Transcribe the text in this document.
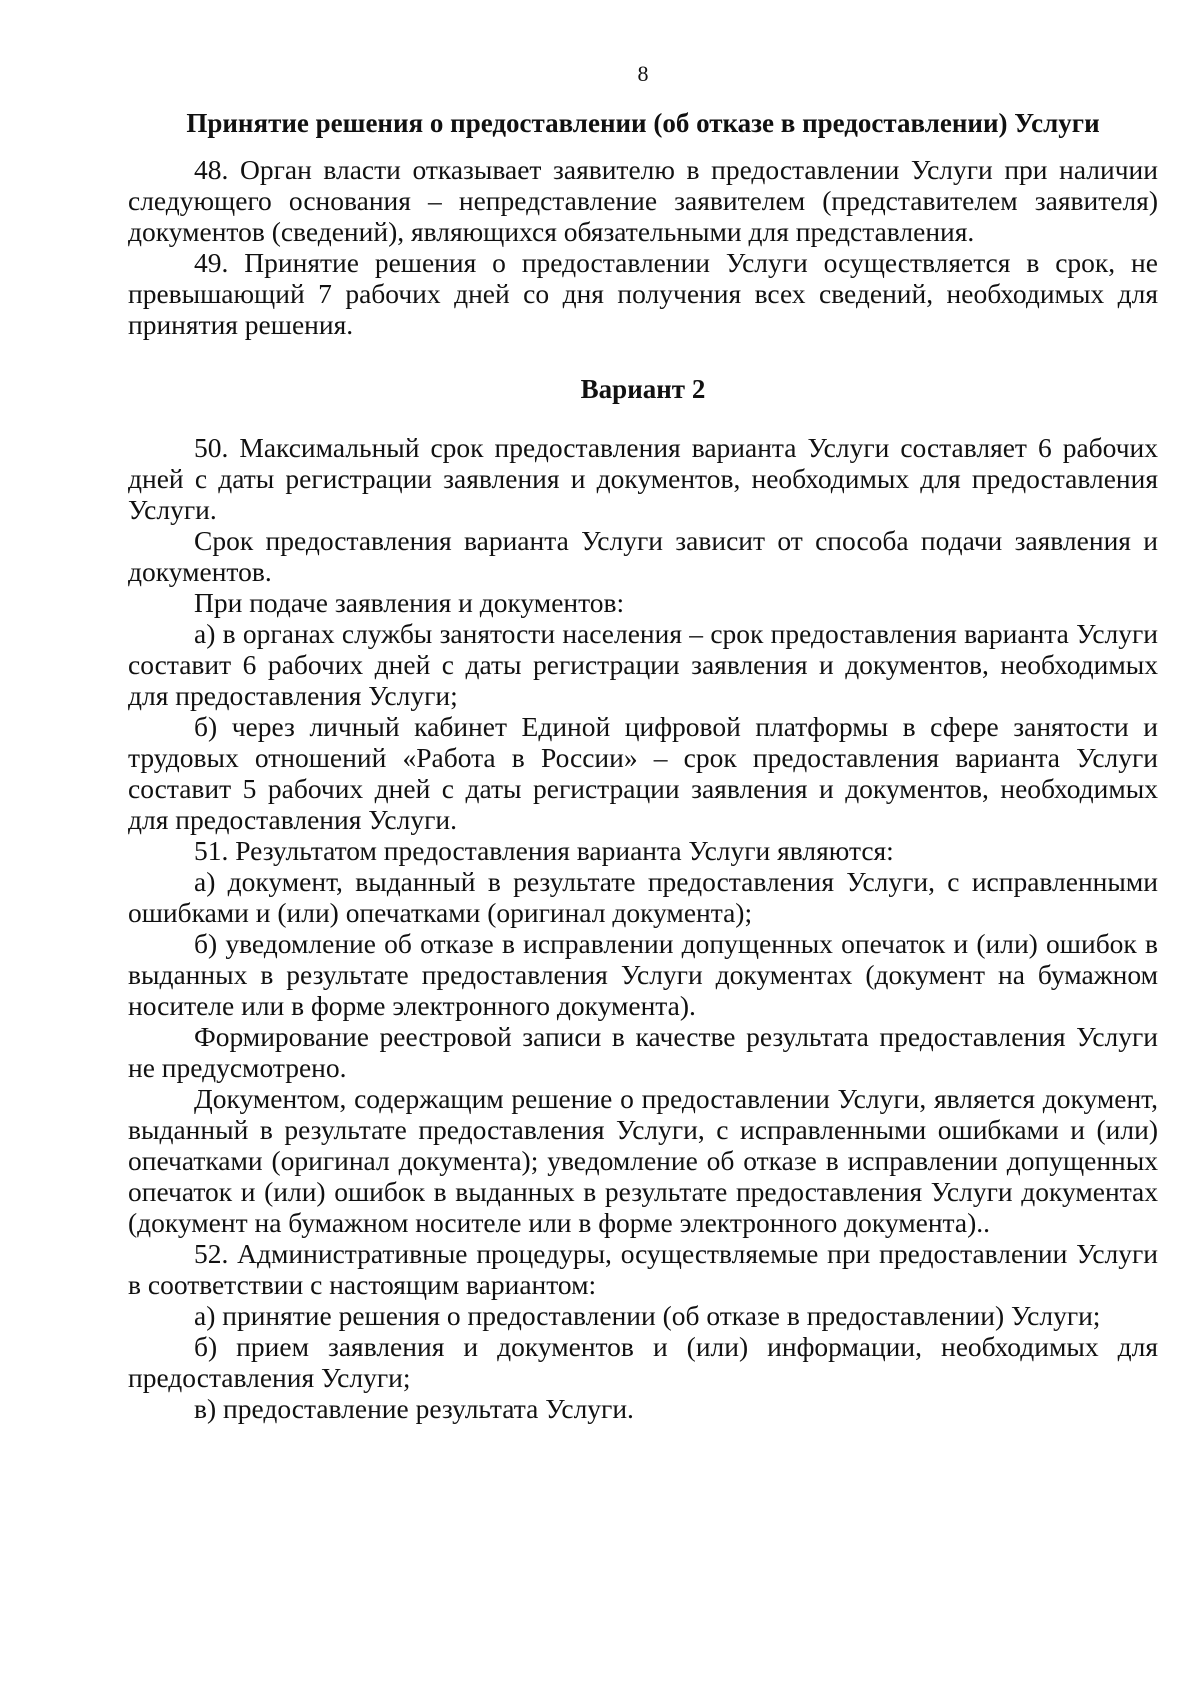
8
Принятие решения о предоставлении (об отказе в предоставлении) Услуги

48. Орган власти отказывает заявителю в предоставлении Услуги при наличии следующего основания – непредставление заявителем (представителем заявителя) документов (сведений), являющихся обязательными для представления.

49. Принятие решения о предоставлении Услуги осуществляется в срок, не превышающий 7 рабочих дней со дня получения всех сведений, необходимых для принятия решения.

Вариант 2

50. Максимальный срок предоставления варианта Услуги составляет 6 рабочих дней с даты регистрации заявления и документов, необходимых для предоставления Услуги.

Срок предоставления варианта Услуги зависит от способа подачи заявления и документов.

При подаче заявления и документов:

а) в органах службы занятости населения – срок предоставления варианта Услуги составит 6 рабочих дней с даты регистрации заявления и документов, необходимых для предоставления Услуги;

б) через личный кабинет Единой цифровой платформы в сфере занятости и трудовых отношений «Работа в России» – срок предоставления варианта Услуги составит 5 рабочих дней с даты регистрации заявления и документов, необходимых для предоставления Услуги.

51. Результатом предоставления варианта Услуги являются:

а) документ, выданный в результате предоставления Услуги, с исправленными ошибками и (или) опечатками (оригинал документа);

б) уведомление об отказе в исправлении допущенных опечаток и (или) ошибок в выданных в результате предоставления Услуги документах (документ на бумажном носителе или в форме электронного документа).

Формирование реестровой записи в качестве результата предоставления Услуги не предусмотрено.

Документом, содержащим решение о предоставлении Услуги, является документ, выданный в результате предоставления Услуги, с исправленными ошибками и (или) опечатками (оригинал документа); уведомление об отказе в исправлении допущенных опечаток и (или) ошибок в выданных в результате предоставления Услуги документах (документ на бумажном носителе или в форме электронного документа)..

52. Административные процедуры, осуществляемые при предоставлении Услуги в соответствии с настоящим вариантом:

а) принятие решения о предоставлении (об отказе в предоставлении) Услуги;

б) прием заявления и документов и (или) информации, необходимых для предоставления Услуги;

в) предоставление результата Услуги.
